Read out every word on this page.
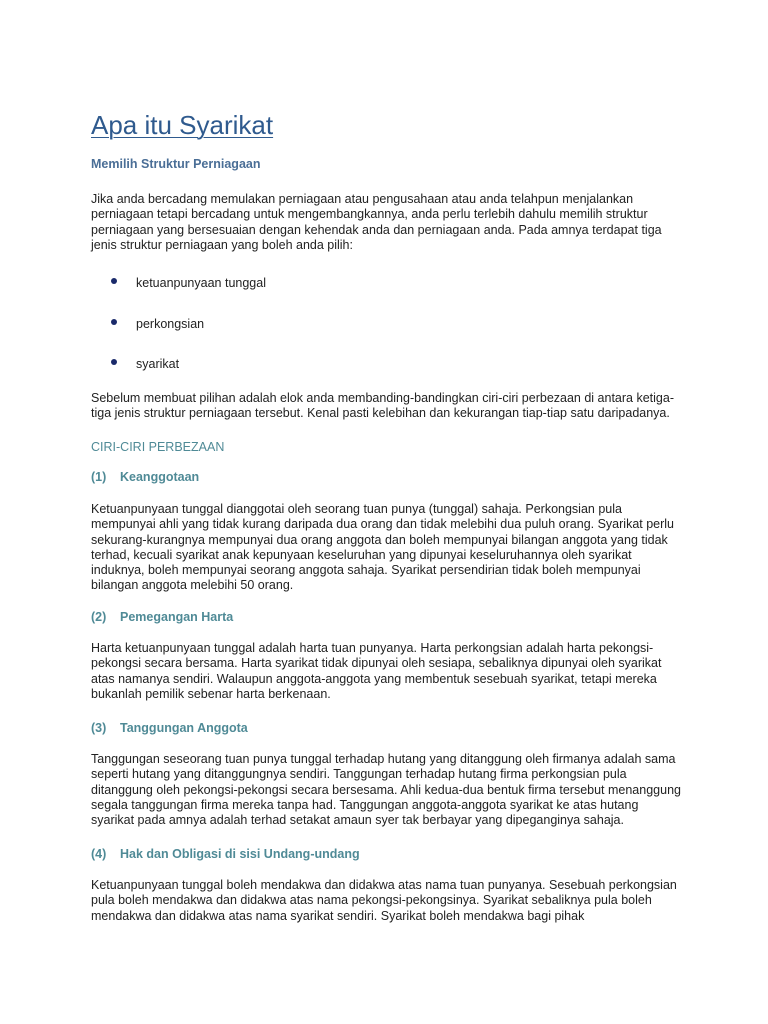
Apa itu Syarikat
Memilih Struktur Perniagaan

Jika anda bercadang memulakan perniagaan atau pengusahaan atau anda telahpun menjalankan perniagaan tetapi bercadang untuk mengembangkannya, anda perlu terlebih dahulu memilih struktur perniagaan yang bersesuaian dengan kehendak anda dan perniagaan anda. Pada amnya terdapat tiga jenis struktur perniagaan yang boleh anda pilih:

ketuanpunyaan tunggal
perkongsian
syarikat

Sebelum membuat pilihan adalah elok anda membanding-bandingkan ciri-ciri perbezaan di antara ketiga-tiga jenis struktur perniagaan tersebut. Kenal pasti kelebihan dan kekurangan tiap-tiap satu daripadanya.

CIRI-CIRI PERBEZAAN
(1) Keanggotaan

Ketuanpunyaan tunggal dianggotai oleh seorang tuan punya (tunggal) sahaja. Perkongsian pula mempunyai ahli yang tidak kurang daripada dua orang dan tidak melebihi dua puluh orang. Syarikat perlu sekurang-kurangnya mempunyai dua orang anggota dan boleh mempunyai bilangan anggota yang tidak terhad, kecuali syarikat anak kepunyaan keseluruhan yang dipunyai keseluruhannya oleh syarikat induknya, boleh mempunyai seorang anggota sahaja. Syarikat persendirian tidak boleh mempunyai bilangan anggota melebihi 50 orang.

(2) Pemegangan Harta

Harta ketuanpunyaan tunggal adalah harta tuan punyanya. Harta perkongsian adalah harta pekongsi-pekongsi secara bersama. Harta syarikat tidak dipunyai oleh sesiapa, sebaliknya dipunyai oleh syarikat atas namanya sendiri. Walaupun anggota-anggota yang membentuk sesebuah syarikat, tetapi mereka bukanlah pemilik sebenar harta berkenaan.

(3) Tanggungan Anggota

Tanggungan seseorang tuan punya tunggal terhadap hutang yang ditanggung oleh firmanya adalah sama seperti hutang yang ditanggungnya sendiri. Tanggungan terhadap hutang firma perkongsian pula ditanggung oleh pekongsi-pekongsi secara bersesama. Ahli kedua-dua bentuk firma tersebut menanggung segala tanggungan firma mereka tanpa had. Tanggungan anggota-anggota syarikat ke atas hutang syarikat pada amnya adalah terhad setakat amaun syer tak berbayar yang dipeganginya sahaja.

(4) Hak dan Obligasi di sisi Undang-undang

Ketuanpunyaan tunggal boleh mendakwa dan didakwa atas nama tuan punyanya. Sesebuah perkongsian pula boleh mendakwa dan didakwa atas nama pekongsi-pekongsinya. Syarikat sebaliknya pula boleh mendakwa dan didakwa atas nama syarikat sendiri. Syarikat boleh mendakwa bagi pihak
